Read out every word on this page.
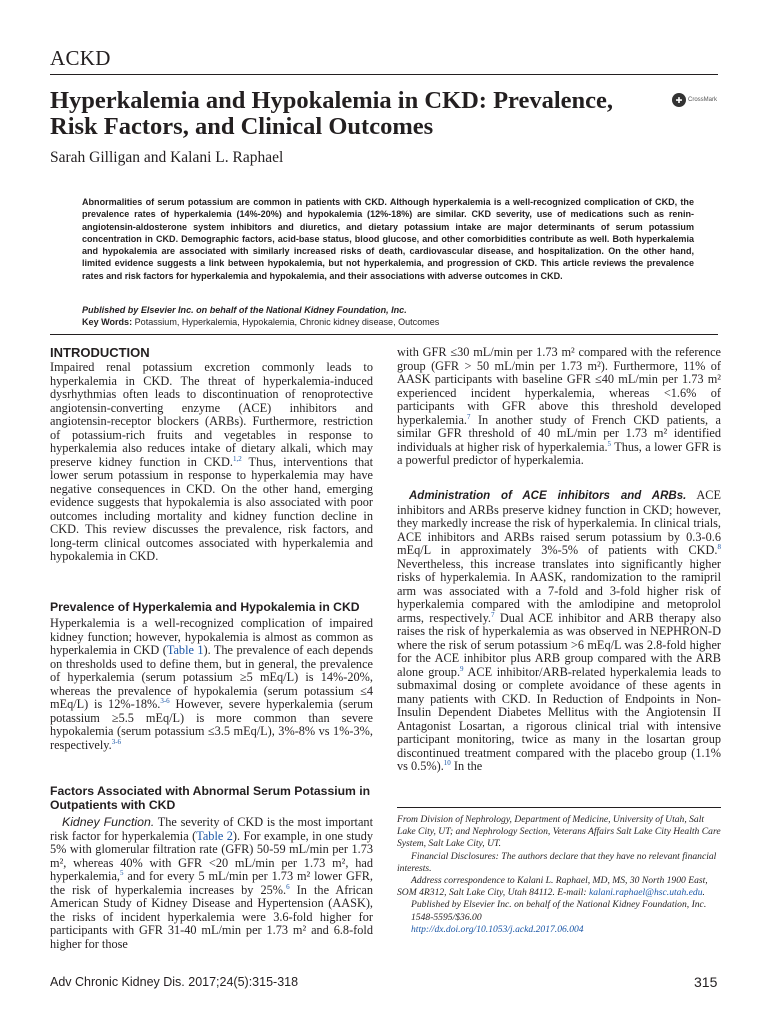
ACKD
Hyperkalemia and Hypokalemia in CKD: Prevalence, Risk Factors, and Clinical Outcomes
✚ CrossMark
Sarah Gilligan and Kalani L. Raphael

Abnormalities of serum potassium are common in patients with CKD. Although hyperkalemia is a well-recognized complication of CKD, the prevalence rates of hyperkalemia (14%-20%) and hypokalemia (12%-18%) are similar. CKD severity, use of medications such as renin-angiotensin-aldosterone system inhibitors and diuretics, and dietary potassium intake are major determinants of serum potassium concentration in CKD. Demographic factors, acid-base status, blood glucose, and other comorbidities contribute as well. Both hyperkalemia and hypokalemia are associated with similarly increased risks of death, cardiovascular disease, and hospitalization. On the other hand, limited evidence suggests a link between hypokalemia, but not hyperkalemia, and progression of CKD. This article reviews the prevalence rates and risk factors for hyperkalemia and hypokalemia, and their associations with adverse outcomes in CKD.

Published by Elsevier Inc. on behalf of the National Kidney Foundation, Inc.
Key Words: Potassium, Hyperkalemia, Hypokalemia, Chronic kidney disease, Outcomes
INTRODUCTION

Impaired renal potassium excretion commonly leads to hyperkalemia in CKD. The threat of hyperkalemia-induced dysrhythmias often leads to discontinuation of renoprotective angiotensin-converting enzyme (ACE) inhibitors and angiotensin-receptor blockers (ARBs). Furthermore, restriction of potassium-rich fruits and vegetables in response to hyperkalemia also reduces intake of dietary alkali, which may preserve kidney function in CKD.$^{1,2}$ Thus, interventions that lower serum potassium in response to hyperkalemia may have negative consequences in CKD. On the other hand, emerging evidence suggests that hypokalemia is also associated with poor outcomes including mortality and kidney function decline in CKD. This review discusses the prevalence, risk factors, and long-term clinical outcomes associated with hyperkalemia and hypokalemia in CKD.

Prevalence of Hyperkalemia and Hypokalemia in CKD

Hyperkalemia is a well-recognized complication of impaired kidney function; however, hypokalemia is almost as common as hyperkalemia in CKD (Table 1). The prevalence of each depends on thresholds used to define them, but in general, the prevalence of hyperkalemia (serum potassium ≥5 mEq/L) is 14%-20%, whereas the prevalence of hypokalemia (serum potassium ≤4 mEq/L) is 12%-18%.$^{3-6}$ However, severe hyperkalemia (serum potassium ≥5.5 mEq/L) is more common than severe hypokalemia (serum potassium ≤3.5 mEq/L), 3%-8% vs 1%-3%, respectively.$^{3-6}$

Factors Associated with Abnormal Serum Potassium in Outpatients with CKD

Kidney Function. The severity of CKD is the most important risk factor for hyperkalemia (Table 2). For example, in one study 5% with glomerular filtration rate (GFR) 50-59 mL/min per 1.73 m², whereas 40% with GFR <20 mL/min per 1.73 m², had hyperkalemia,$^5$ and for every 5 mL/min per 1.73 m² lower GFR, the risk of hyperkalemia increases by 25%.$^6$ In the African American Study of Kidney Disease and Hypertension (AASK), the risks of incident hyperkalemia were 3.6-fold higher for participants with GFR 31-40 mL/min per 1.73 m² and 6.8-fold higher for those

with GFR ≤30 mL/min per 1.73 m² compared with the reference group (GFR > 50 mL/min per 1.73 m²). Furthermore, 11% of AASK participants with baseline GFR ≤40 mL/min per 1.73 m² experienced incident hyperkalemia, whereas <1.6% of participants with GFR above this threshold developed hyperkalemia.$^7$ In another study of French CKD patients, a similar GFR threshold of 40 mL/min per 1.73 m² identified individuals at higher risk of hyperkalemia.$^5$ Thus, a lower GFR is a powerful predictor of hyperkalemia.

Administration of ACE inhibitors and ARBs. ACE inhibitors and ARBs preserve kidney function in CKD; however, they markedly increase the risk of hyperkalemia. In clinical trials, ACE inhibitors and ARBs raised serum potassium by 0.3-0.6 mEq/L in approximately 3%-5% of patients with CKD.$^8$ Nevertheless, this increase translates into significantly higher risks of hyperkalemia. In AASK, randomization to the ramipril arm was associated with a 7-fold and 3-fold higher risk of hyperkalemia compared with the amlodipine and metoprolol arms, respectively.$^7$ Dual ACE inhibitor and ARB therapy also raises the risk of hyperkalemia as was observed in NEPHRON-D where the risk of serum potassium >6 mEq/L was 2.8-fold higher for the ACE inhibitor plus ARB group compared with the ARB alone group.$^9$ ACE inhibitor/ARB-related hyperkalemia leads to submaximal dosing or complete avoidance of these agents in many patients with CKD. In Reduction of Endpoints in Non-Insulin Dependent Diabetes Mellitus with the Angiotensin II Antagonist Losartan, a rigorous clinical trial with intensive participant monitoring, twice as many in the losartan group discontinued treatment compared with the placebo group (1.1% vs 0.5%).$^{10}$ In the

From Division of Nephrology, Department of Medicine, University of Utah, Salt Lake City, UT; and Nephrology Section, Veterans Affairs Salt Lake City Health Care System, Salt Lake City, UT.

Financial Disclosures: The authors declare that they have no relevant financial interests.

Address correspondence to Kalani L. Raphael, MD, MS, 30 North 1900 East, SOM 4R312, Salt Lake City, Utah 84112. E-mail: kalani.raphael@hsc.utah.edu.

Published by Elsevier Inc. on behalf of the National Kidney Foundation, Inc.

1548-5595/$36.00

http://dx.doi.org/10.1053/j.ackd.2017.06.004

Adv Chronic Kidney Dis. 2017;24(5):315-318	315
